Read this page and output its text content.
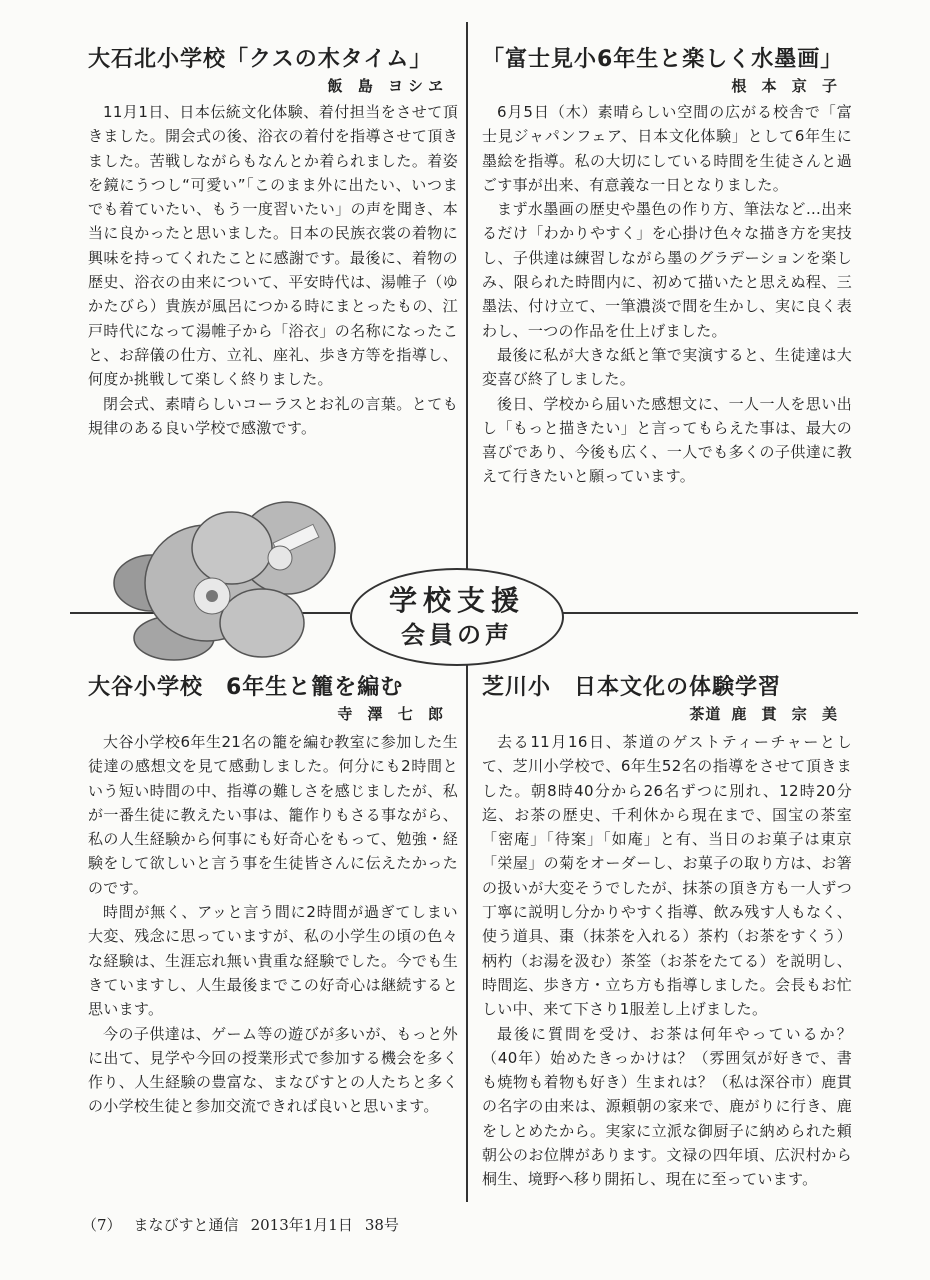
大石北小学校「クスの木タイム」
飯 島 ヨシヱ

11月1日、日本伝統文化体験、着付担当をさせて頂きました。開会式の後、浴衣の着付を指導させて頂きました。苦戦しながらもなんとか着られました。着姿を鏡にうつし“可愛い”「このまま外に出たい、いつまでも着ていたい、もう一度習いたい」の声を聞き、本当に良かったと思いました。日本の民族衣裳の着物に興味を持ってくれたことに感謝です。最後に、着物の歴史、浴衣の由来について、平安時代は、湯帷子（ゆかたびら）貴族が風呂につかる時にまとったもの、江戸時代になって湯帷子から「浴衣」の名称になったこと、お辞儀の仕方、立礼、座礼、歩き方等を指導し、何度か挑戦して楽しく終りました。

閉会式、素晴らしいコーラスとお礼の言葉。とても規律のある良い学校で感激です。

「富士見小6年生と楽しく水墨画」
根 本 京 子

6月5日（木）素晴らしい空間の広がる校舎で「富士見ジャパンフェア、日本文化体験」として6年生に墨絵を指導。私の大切にしている時間を生徒さんと過ごす事が出来、有意義な一日となりました。

まず水墨画の歴史や墨色の作り方、筆法など…出来るだけ「わかりやすく」を心掛け色々な描き方を実技し、子供達は練習しながら墨のグラデーションを楽しみ、限られた時間内に、初めて描いたと思えぬ程、三墨法、付け立て、一筆濃淡で間を生かし、実に良く表わし、一つの作品を仕上げました。

最後に私が大きな紙と筆で実演すると、生徒達は大変喜び終了しました。

後日、学校から届いた感想文に、一人一人を思い出し「もっと描きたい」と言ってもらえた事は、最大の喜びであり、今後も広く、一人でも多くの子供達に教えて行きたいと願っています。

学校支援
会員の声
大谷小学校　6年生と籠を編む
寺 澤 七 郎

大谷小学校6年生21名の籠を編む教室に参加した生徒達の感想文を見て感動しました。何分にも2時間という短い時間の中、指導の難しさを感じましたが、私が一番生徒に教えたい事は、籠作りもさる事ながら、私の人生経験から何事にも好奇心をもって、勉強・経験をして欲しいと言う事を生徒皆さんに伝えたかったのです。

時間が無く、アッと言う間に2時間が過ぎてしまい大変、残念に思っていますが、私の小学生の頃の色々な経験は、生涯忘れ無い貴重な経験でした。今でも生きていますし、人生最後までこの好奇心は継続すると思います。

今の子供達は、ゲーム等の遊びが多いが、もっと外に出て、見学や今回の授業形式で参加する機会を多く作り、人生経験の豊富な、まなびすとの人たちと多くの小学校生徒と参加交流できれば良いと思います。

芝川小　日本文化の体験学習
茶道 鹿 貫 宗 美

去る11月16日、茶道のゲストティーチャーとして、芝川小学校で、6年生52名の指導をさせて頂きました。朝8時40分から26名ずつに別れ、12時20分迄、お茶の歴史、千利休から現在まで、国宝の茶室「密庵」「待案」「如庵」と有、当日のお菓子は東京「栄屋」の菊をオーダーし、お菓子の取り方は、お箸の扱いが大変そうでしたが、抹茶の頂き方も一人ずつ丁寧に説明し分かりやすく指導、飲み残す人もなく、使う道具、棗（抹茶を入れる）茶杓（お茶をすくう）柄杓（お湯を汲む）茶筌（お茶をたてる）を説明し、時間迄、歩き方・立ち方も指導しました。会長もお忙しい中、来て下さり1服差し上げました。

最後に質問を受け、お茶は何年やっているか？（40年）始めたきっかけは？（雰囲気が好きで、書も焼物も着物も好き）生まれは？（私は深谷市）鹿貫の名字の由来は、源頼朝の家来で、鹿がりに行き、鹿をしとめたから。実家に立派な御厨子に納められた頼朝公のお位牌があります。文禄の四年頃、広沢村から桐生、境野へ移り開拓し、現在に至っています。

（7） まなびすと通信 2013年1月1日 38号
